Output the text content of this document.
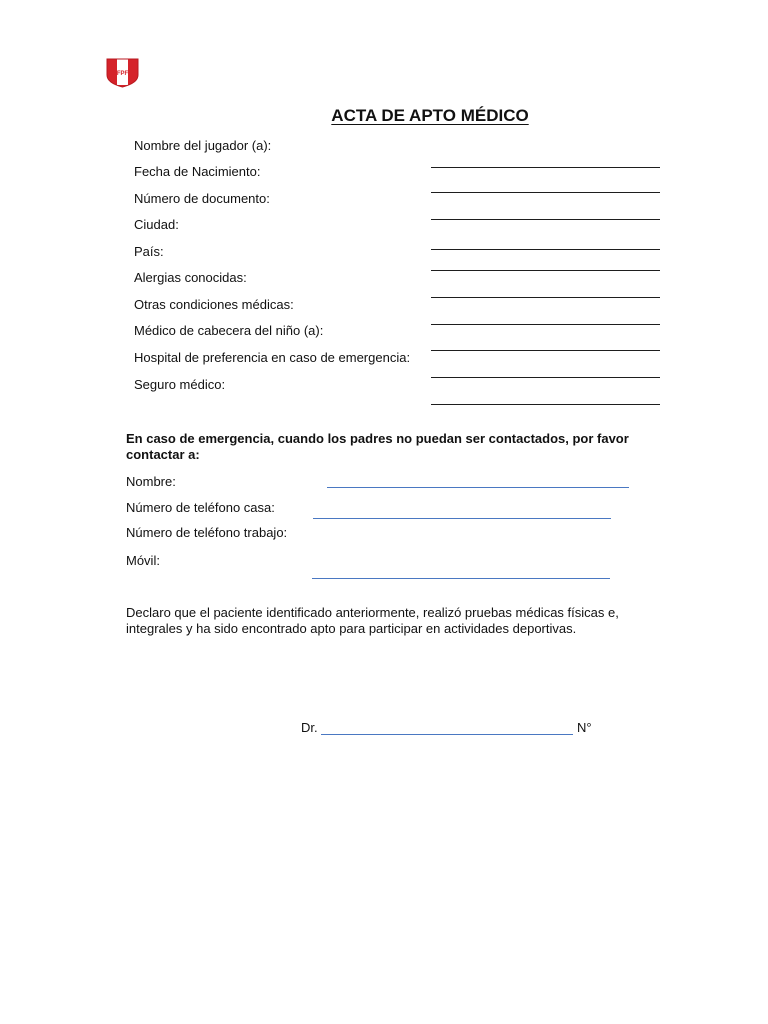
FPF
ACTA DE APTO MÉDICO
Nombre del jugador (a):
Fecha de Nacimiento:
Número de documento:
Ciudad:
País:
Alergias conocidas:
Otras condiciones médicas:
Médico de cabecera del niño (a):
Hospital de preferencia en caso de emergencia:
Seguro médico:
En caso de emergencia, cuando los padres no puedan ser contactados, por favor contactar a:
Nombre:
Número de teléfono casa:
Número de teléfono trabajo:
Móvil:
Declaro que el paciente identificado anteriormente, realizó pruebas médicas físicas e, integrales y ha sido encontrado apto para participar en actividades deportivas.
Dr.	N°
